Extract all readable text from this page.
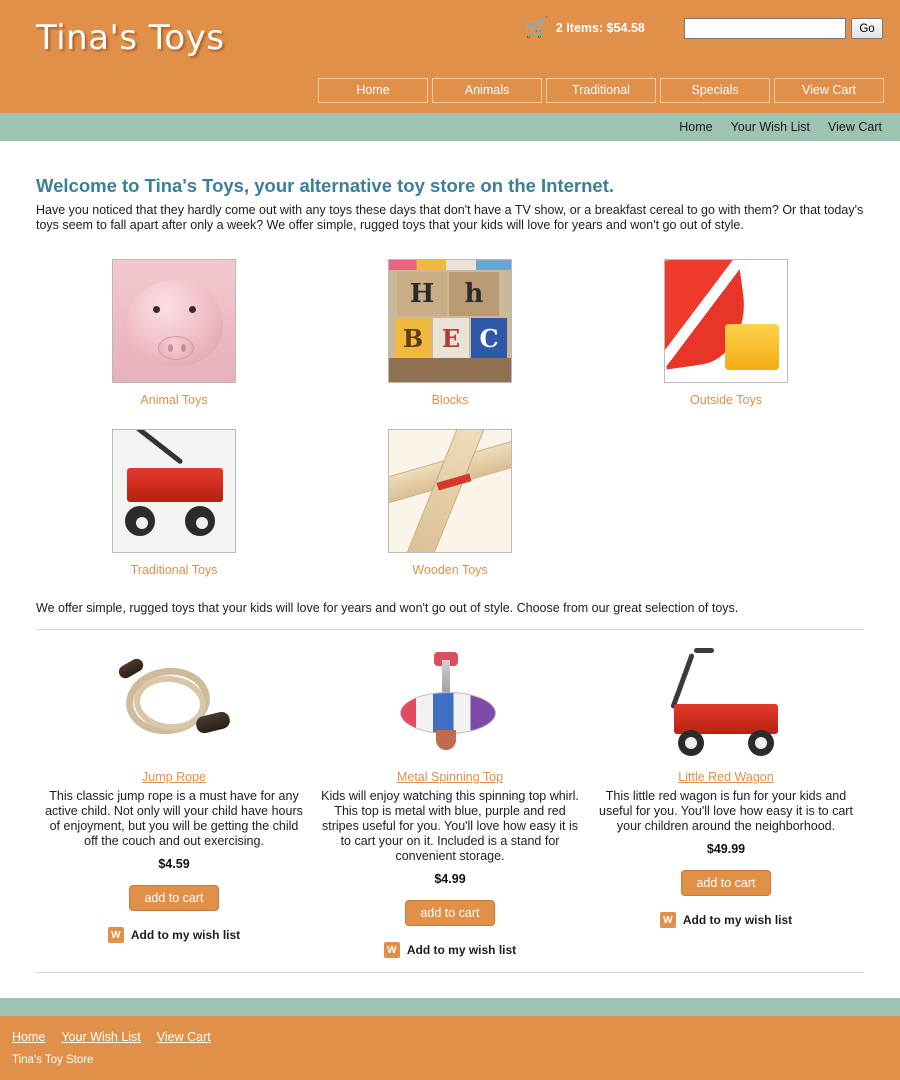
Tina's Toys	🛒 2 Items: $54.58	Go
Home	Animals	Traditional	Specials	View Cart
Home Your Wish List View Cart
Welcome to Tina's Toys, your alternative toy store on the Internet.

Have you noticed that they hardly come out with any toys these days that don't have a TV show, or a breakfast cereal to go with them? Or that today's toys seem to fall apart after only a week? We offer simple, rugged toys that your kids will love for years and won't go out of style.

Animal Toys
H	h
B E C
Blocks	Outside Toys
Traditional Toys	Wooden Toys
We offer simple, rugged toys that your kids will love for years and won't go out of style. Choose from our great selection of toys.
Jump Rope

This classic jump rope is a must have for any active child. Not only will your child have hours of enjoyment, but you will be getting the child off the couch and out exercising.

$4.59
add to cart
W Add to my wish list
Metal Spinning Top

Kids will enjoy watching this spinning top whirl. This top is metal with blue, purple and red stripes useful for you. You'll love how easy it is to cart your on it. Included is a stand for convenient storage.

$4.99
add to cart
W Add to my wish list
Little Red Wagon

This little red wagon is fun for your kids and useful for you. You'll love how easy it is to cart your children around the neighborhood.

$49.99
add to cart
W Add to my wish list
Home Your Wish List View Cart
Tina's Toy Store
